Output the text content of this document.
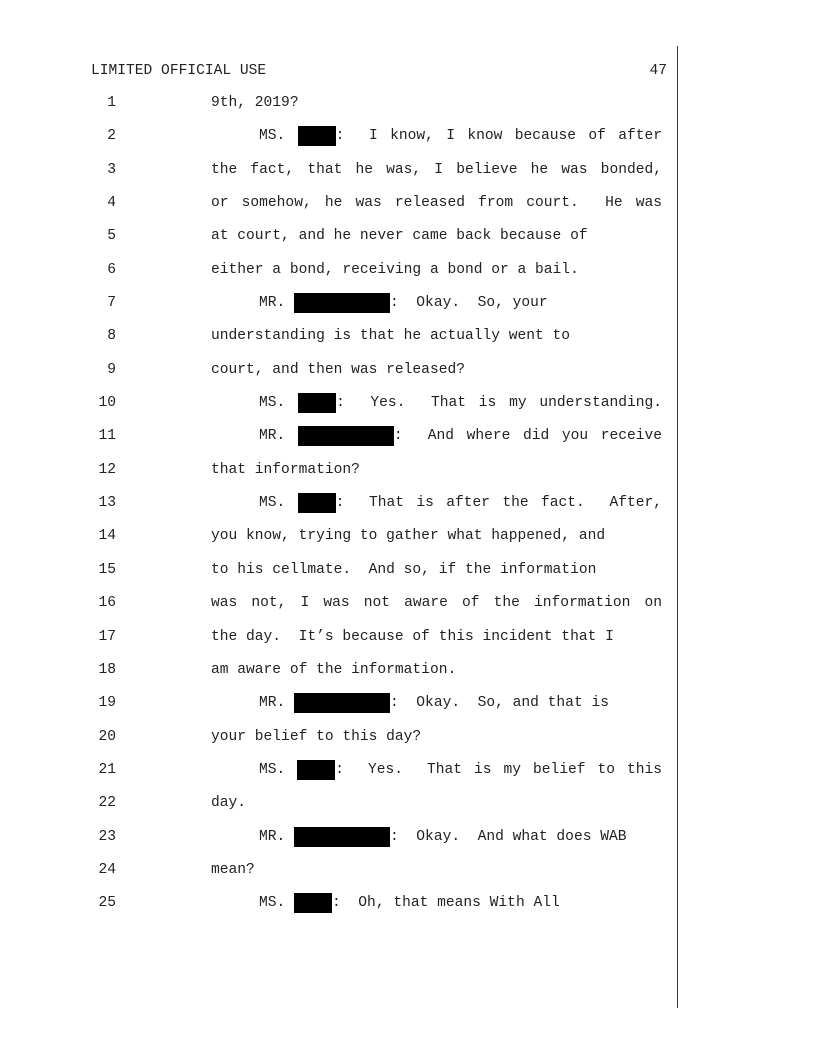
LIMITED OFFICIAL USE	47
1	9th, 2019?
2	MS.	:  I know, I know because of after
3	the fact, that he was, I believe he was bonded,
4	or somehow, he was released from court.  He was
5	at court, and he never came back because of
6	either a bond, receiving a bond or a bail.
7	MR.	:  Okay.  So, your
8	understanding is that he actually went to
9	court, and then was released?
10	MS.	:  Yes.  That is my understanding.
11	MR.	:  And where did you receive
12	that information?
13	MS.	:  That is after the fact.  After,
14	you know, trying to gather what happened, and
15	to his cellmate.  And so, if the information
16	was not, I was not aware of the information on
17	the day.  It’s because of this incident that I
18	am aware of the information.
19	MR.	:  Okay.  So, and that is
20	your belief to this day?
21	MS.	:  Yes.  That is my belief to this
22	day.
23	MR.	:  Okay.  And what does WAB
24	mean?
25	MS.	:  Oh, that means With All
